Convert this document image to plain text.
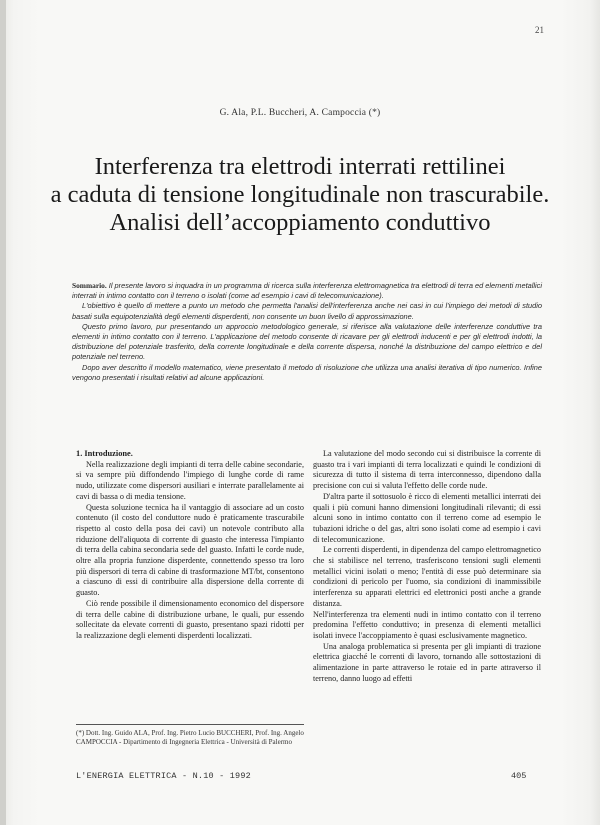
21
G. Ala, P.L. Buccheri, A. Campoccia (*)
Interferenza tra elettrodi interrati rettilinei
a caduta di tensione longitudinale non trascurabile.
Analisi dell’accoppiamento conduttivo

Sommario. Il presente lavoro si inquadra in un programma di ricerca sulla interferenza elettromagnetica tra elettrodi di terra ed elementi metallici interrati in intimo contatto con il terreno o isolati (come ad esempio i cavi di telecomunicazione).

L'obiettivo è quello di mettere a punto un metodo che permetta l'analisi dell'interferenza anche nei casi in cui l'impiego dei metodi di studio basati sulla equipotenzialità degli elementi disperdenti, non consente un buon livello di approssimazione.

Questo primo lavoro, pur presentando un approccio metodologico generale, si riferisce alla valutazione delle interferenze conduttive tra elementi in intimo contatto con il terreno. L'applicazione del metodo consente di ricavare per gli elettrodi inducenti e per gli elettrodi indotti, la distribuzione del potenziale trasferito, della corrente longitudinale e della corrente dispersa, nonché la distribuzione del campo elettrico e del potenziale nel terreno.

Dopo aver descritto il modello matematico, viene presentato il metodo di risoluzione che utilizza una analisi iterativa di tipo numerico. Infine vengono presentati i risultati relativi ad alcune applicazioni.

1. Introduzione.

Nella realizzazione degli impianti di terra delle cabine secondarie, si va sempre più diffondendo l'impiego di lunghe corde di rame nudo, utilizzate come dispersori ausiliari e interrate parallelamente ai cavi di bassa o di media tensione.

Questa soluzione tecnica ha il vantaggio di associare ad un costo contenuto (il costo del conduttore nudo è praticamente trascurabile rispetto al costo della posa dei cavi) un notevole contributo alla riduzione dell'aliquota di corrente di guasto che interessa l'impianto di terra della cabina secondaria sede del guasto. Infatti le corde nude, oltre alla propria funzione disperdente, connettendo spesso tra loro più dispersori di terra di cabine di trasformazione MT/bt, consentono a ciascuno di essi di contribuire alla dispersione della corrente di guasto.

Ciò rende possibile il dimensionamento economico del dispersore di terra delle cabine di distribuzione urbane, le quali, pur essendo sollecitate da elevate correnti di guasto, presentano spazi ridotti per la realizzazione degli elementi disperdenti localizzati.

(*) Dott. Ing. Guido ALA, Prof. Ing. Pietro Lucio BUCCHERI, Prof. Ing. Angelo CAMPOCCIA - Dipartimento di Ingegneria Elettrica - Università di Palermo

La valutazione del modo secondo cui si distribuisce la corrente di guasto tra i vari impianti di terra localizzati e quindi le condizioni di sicurezza di tutto il sistema di terra interconnesso, dipendono dalla precisione con cui si valuta l'effetto delle corde nude.

D'altra parte il sottosuolo è ricco di elementi metallici interrati dei quali i più comuni hanno dimensioni longitudinali rilevanti; di essi alcuni sono in intimo contatto con il terreno come ad esempio le tubazioni idriche o del gas, altri sono isolati come ad esempio i cavi di telecomunicazione.

Le correnti disperdenti, in dipendenza del campo elettromagnetico che si stabilisce nel terreno, trasferiscono tensioni sugli elementi metallici vicini isolati o meno; l'entità di esse può determinare sia condizioni di pericolo per l'uomo, sia condizioni di inammissibile interferenza su apparati elettrici ed elettronici posti anche a grande distanza.

Nell'interferenza tra elementi nudi in intimo contatto con il terreno predomina l'effetto conduttivo; in presenza di elementi metallici isolati invece l'accoppiamento è quasi esclusivamente magnetico.

Una analoga problematica si presenta per gli impianti di trazione elettrica giacché le correnti di lavoro, tornando alle sottostazioni di alimentazione in parte attraverso le rotaie ed in parte attraverso il terreno, danno luogo ad effetti

L'ENERGIA ELETTRICA - N.10 - 1992	405
